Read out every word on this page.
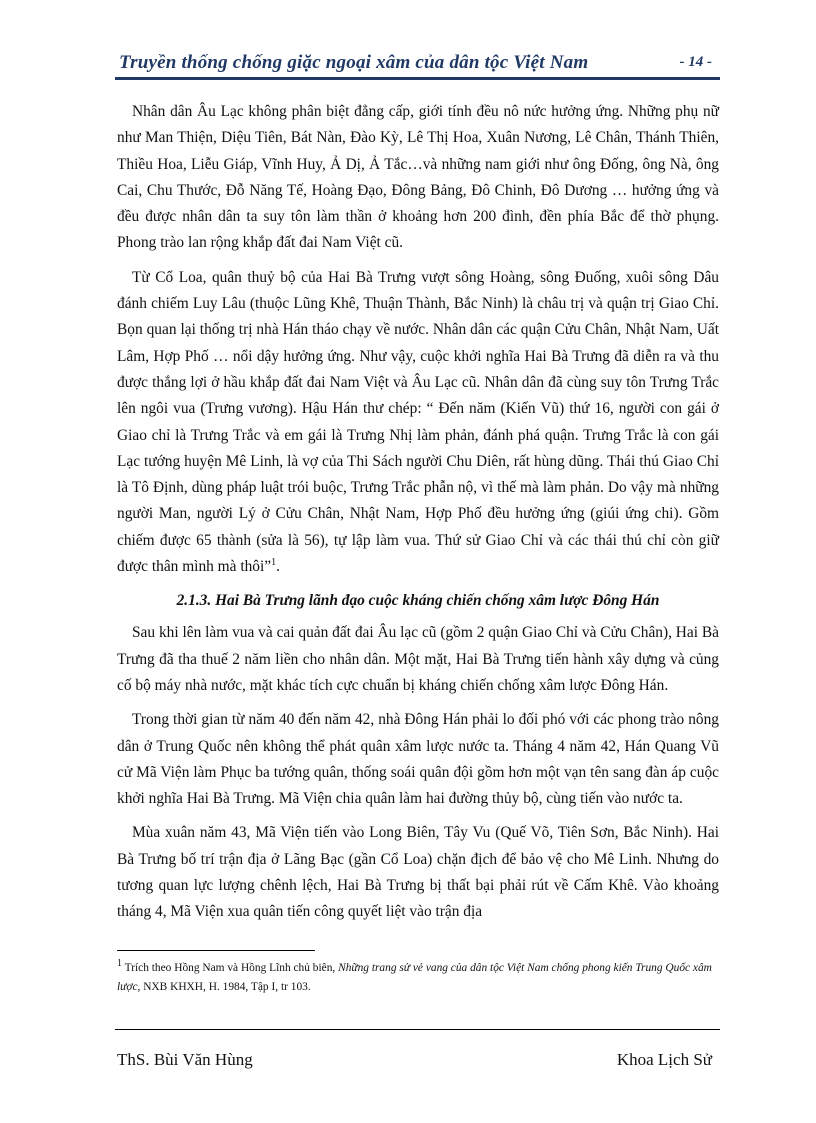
Truyền thống chống giặc ngoại xâm của dân tộc Việt Nam	- 14 -

Nhân dân Âu Lạc không phân biệt đẳng cấp, giới tính đều nô nức hưởng ứng. Những phụ nữ như Man Thiện, Diệu Tiên, Bát Nàn, Đào Kỳ, Lê Thị Hoa, Xuân Nương, Lê Chân, Thánh Thiên, Thiều Hoa, Liễu Giáp, Vĩnh Huy, Ả Dị, Ả Tắc…và những nam giới như ông Đống, ông Nà, ông Cai, Chu Thước, Đỗ Năng Tế, Hoàng Đạo, Đông Bảng, Đô Chinh, Đô Dương … hưởng ứng và đều được nhân dân ta suy tôn làm thần ở khoảng hơn 200 đình, đền phía Bắc để thờ phụng. Phong trào lan rộng khắp đất đai Nam Việt cũ.

Từ Cổ Loa, quân thuỷ bộ của Hai Bà Trưng vượt sông Hoàng, sông Đuống, xuôi sông Dâu đánh chiếm Luy Lâu (thuộc Lũng Khê, Thuận Thành, Bắc Ninh) là châu trị và quận trị Giao Chỉ. Bọn quan lại thống trị nhà Hán tháo chạy về nước. Nhân dân các quận Cửu Chân, Nhật Nam, Uất Lâm, Hợp Phố … nổi dậy hưởng ứng. Như vậy, cuộc khởi nghĩa Hai Bà Trưng đã diễn ra và thu được thắng lợi ở hầu khắp đất đai Nam Việt và Âu Lạc cũ. Nhân dân đã cùng suy tôn Trưng Trắc lên ngôi vua (Trưng vương). Hậu Hán thư chép: “ Đến năm (Kiến Vũ) thứ 16, người con gái ở Giao chỉ là Trưng Trắc và em gái là Trưng Nhị làm phản, đánh phá quận. Trưng Trắc là con gái Lạc tướng huyện Mê Linh, là vợ của Thi Sách người Chu Diên, rất hùng dũng. Thái thú Giao Chỉ là Tô Định, dùng pháp luật trói buộc, Trưng Trắc phẫn nộ, vì thế mà làm phản. Do vậy mà những người Man, người Lý ở Cửu Chân, Nhật Nam, Hợp Phố đều hưởng ứng (giúi ứng chi). Gồm chiếm được 65 thành (sửa là 56), tự lập làm vua. Thứ sử Giao Chỉ và các thái thú chỉ còn giữ được thân mình mà thôi”$^1$.

2.1.3. Hai Bà Trưng lãnh đạo cuộc kháng chiến chống xâm lược Đông Hán

Sau khi lên làm vua và cai quản đất đai Âu lạc cũ (gồm 2 quận Giao Chỉ và Cửu Chân), Hai Bà Trưng đã tha thuế 2 năm liền cho nhân dân. Một mặt, Hai Bà Trưng tiến hành xây dựng và củng cố bộ máy nhà nước, mặt khác tích cực chuẩn bị kháng chiến chống xâm lược Đông Hán.

Trong thời gian từ năm 40 đến năm 42, nhà Đông Hán phải lo đối phó với các phong trào nông dân ở Trung Quốc nên không thể phát quân xâm lược nước ta. Tháng 4 năm 42, Hán Quang Vũ cử Mã Viện làm Phục ba tướng quân, thống soái quân đội gồm hơn một vạn tên sang đàn áp cuộc khởi nghĩa Hai Bà Trưng. Mã Viện chia quân làm hai đường thủy bộ, cùng tiến vào nước ta.

Mùa xuân năm 43, Mã Viện tiến vào Long Biên, Tây Vu (Quế Võ, Tiên Sơn, Bắc Ninh). Hai Bà Trưng bố trí trận địa ở Lãng Bạc (gần Cổ Loa) chặn địch để bảo vệ cho Mê Linh. Nhưng do tương quan lực lượng chênh lệch, Hai Bà Trưng bị thất bại phải rút về Cấm Khê. Vào khoảng tháng 4, Mã Viện xua quân tiến công quyết liệt vào trận địa

$^1$ Trích theo Hồng Nam và Hồng Lĩnh chủ biên, Những trang sử vẻ vang của dân tộc Việt Nam chống phong kiến Trung Quốc xâm lược, NXB KHXH, H. 1984, Tập I, tr 103.
ThS. Bùi Văn Hùng	Khoa Lịch Sử
